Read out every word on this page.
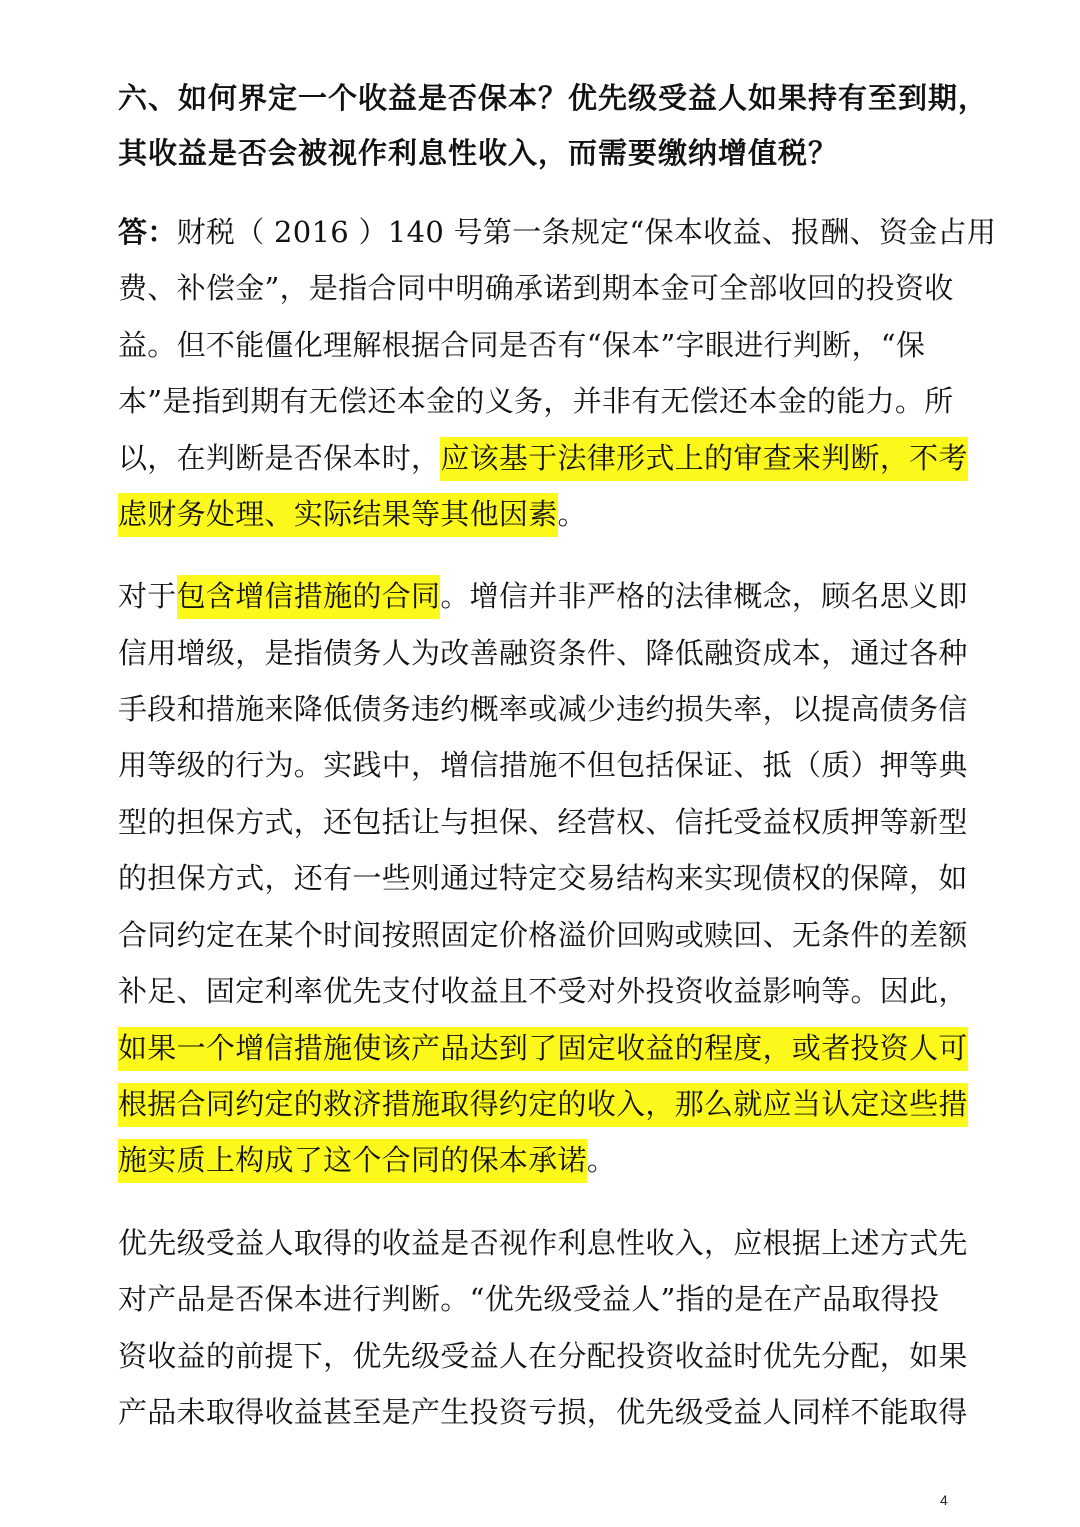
六、如何界定一个收益是否保本？优先级受益人如果持有至到期，
其收益是否会被视作利息性收入，而需要缴纳增值税？
答：财税（ 2016 ）140 号第一条规定“保本收益、报酬、资金占用
费、补偿金”，是指合同中明确承诺到期本金可全部收回的投资收
益。但不能僵化理解根据合同是否有“保本”字眼进行判断，“保
本”是指到期有无偿还本金的义务，并非有无偿还本金的能力。所
以，在判断是否保本时，应该基于法律形式上的审查来判断，不考
虑财务处理、实际结果等其他因素。
对于包含增信措施的合同。增信并非严格的法律概念，顾名思义即
信用增级，是指债务人为改善融资条件、降低融资成本，通过各种
手段和措施来降低债务违约概率或减少违约损失率，以提高债务信
用等级的行为。实践中，增信措施不但包括保证、抵（质）押等典
型的担保方式，还包括让与担保、经营权、信托受益权质押等新型
的担保方式，还有一些则通过特定交易结构来实现债权的保障，如
合同约定在某个时间按照固定价格溢价回购或赎回、无条件的差额
补足、固定利率优先支付收益且不受对外投资收益影响等。因此，
如果一个增信措施使该产品达到了固定收益的程度，或者投资人可
根据合同约定的救济措施取得约定的收入，那么就应当认定这些措
施实质上构成了这个合同的保本承诺。
优先级受益人取得的收益是否视作利息性收入，应根据上述方式先
对产品是否保本进行判断。“优先级受益人”指的是在产品取得投
资收益的前提下，优先级受益人在分配投资收益时优先分配，如果
产品未取得收益甚至是产生投资亏损，优先级受益人同样不能取得
4
